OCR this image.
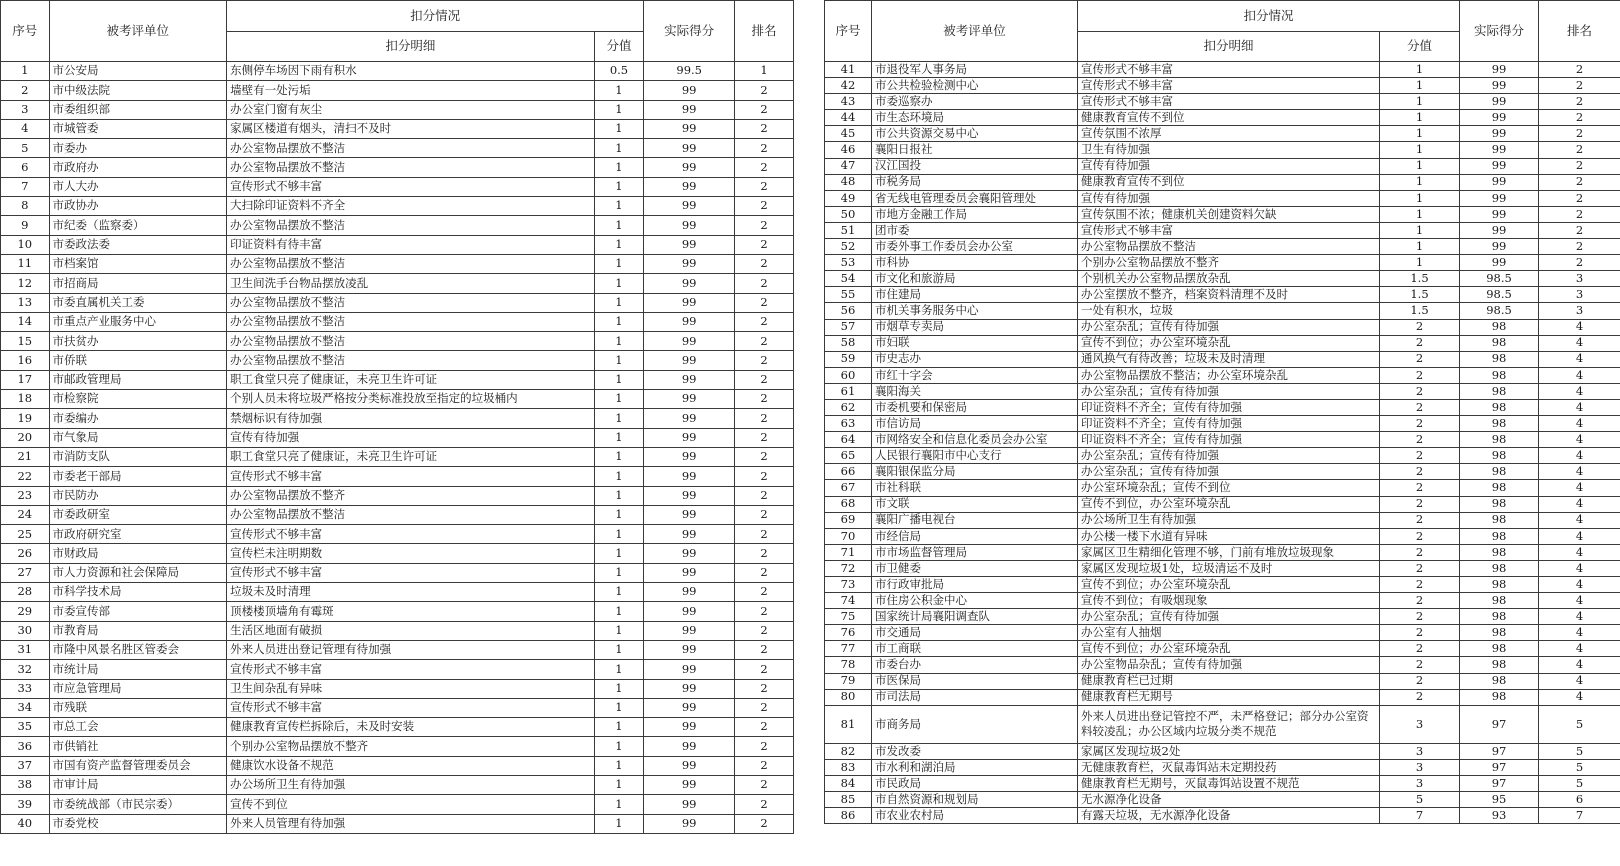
序号	被考评单位	扣分情况		实际得分	排名
		扣分明细	分值		
1	市公安局	东侧停车场因下雨有积水	0.5	99.5	1
2	市中级法院	墙壁有一处污垢	1	99	2
3	市委组织部	办公室门窗有灰尘	1	99	2
4	市城管委	家属区楼道有烟头，清扫不及时	1	99	2
5	市委办	办公室物品摆放不整洁	1	99	2
6	市政府办	办公室物品摆放不整洁	1	99	2
7	市人大办	宣传形式不够丰富	1	99	2
8	市政协办	大扫除印证资料不齐全	1	99	2
9	市纪委（监察委）	办公室物品摆放不整洁	1	99	2
10	市委政法委	印证资料有待丰富	1	99	2
11	市档案馆	办公室物品摆放不整洁	1	99	2
12	市招商局	卫生间洗手台物品摆放凌乱	1	99	2
13	市委直属机关工委	办公室物品摆放不整洁	1	99	2
14	市重点产业服务中心	办公室物品摆放不整洁	1	99	2
15	市扶贫办	办公室物品摆放不整洁	1	99	2
16	市侨联	办公室物品摆放不整洁	1	99	2
17	市邮政管理局	职工食堂只亮了健康证，未亮卫生许可证	1	99	2
18	市检察院	个别人员未将垃圾严格按分类标准投放至指定的垃圾桶内	1	99	2
19	市委编办	禁烟标识有待加强	1	99	2
20	市气象局	宣传有待加强	1	99	2
21	市消防支队	职工食堂只亮了健康证，未亮卫生许可证	1	99	2
22	市委老干部局	宣传形式不够丰富	1	99	2
23	市民防办	办公室物品摆放不整齐	1	99	2
24	市委政研室	办公室物品摆放不整洁	1	99	2
25	市政府研究室	宣传形式不够丰富	1	99	2
26	市财政局	宣传栏未注明期数	1	99	2
27	市人力资源和社会保障局	宣传形式不够丰富	1	99	2
28	市科学技术局	垃圾未及时清理	1	99	2
29	市委宣传部	顶楼楼顶墙角有霉斑	1	99	2
30	市教育局	生活区地面有破损	1	99	2
31	市隆中风景名胜区管委会	外来人员进出登记管理有待加强	1	99	2
32	市统计局	宣传形式不够丰富	1	99	2
33	市应急管理局	卫生间杂乱有异味	1	99	2
34	市残联	宣传形式不够丰富	1	99	2
35	市总工会	健康教育宣传栏拆除后，未及时安装	1	99	2
36	市供销社	个别办公室物品摆放不整齐	1	99	2
37	市国有资产监督管理委员会	健康饮水设备不规范	1	99	2
38	市审计局	办公场所卫生有待加强	1	99	2
39	市委统战部（市民宗委）	宣传不到位	1	99	2
40	市委党校	外来人员管理有待加强	1	99	2
序号	被考评单位	扣分情况		实际得分	排名
		扣分明细	分值		
41	市退役军人事务局	宣传形式不够丰富	1	99	2
42	市公共检验检测中心	宣传形式不够丰富	1	99	2
43	市委巡察办	宣传形式不够丰富	1	99	2
44	市生态环境局	健康教育宣传不到位	1	99	2
45	市公共资源交易中心	宣传氛围不浓厚	1	99	2
46	襄阳日报社	卫生有待加强	1	99	2
47	汉江国投	宣传有待加强	1	99	2
48	市税务局	健康教育宣传不到位	1	99	2
49	省无线电管理委员会襄阳管理处	宣传有待加强	1	99	2
50	市地方金融工作局	宣传氛围不浓；健康机关创建资料欠缺	1	99	2
51	团市委	宣传形式不够丰富	1	99	2
52	市委外事工作委员会办公室	办公室物品摆放不整洁	1	99	2
53	市科协	个别办公室物品摆放不整齐	1	99	2
54	市文化和旅游局	个别机关办公室物品摆放杂乱	1.5	98.5	3
55	市住建局	办公室摆放不整齐，档案资料清理不及时	1.5	98.5	3
56	市机关事务服务中心	一处有积水，垃圾	1.5	98.5	3
57	市烟草专卖局	办公室杂乱；宣传有待加强	2	98	4
58	市妇联	宣传不到位；办公室环境杂乱	2	98	4
59	市史志办	通风换气有待改善；垃圾未及时清理	2	98	4
60	市红十字会	办公室物品摆放不整洁；办公室环境杂乱	2	98	4
61	襄阳海关	办公室杂乱；宣传有待加强	2	98	4
62	市委机要和保密局	印证资料不齐全；宣传有待加强	2	98	4
63	市信访局	印证资料不齐全；宣传有待加强	2	98	4
64	市网络安全和信息化委员会办公室	印证资料不齐全；宣传有待加强	2	98	4
65	人民银行襄阳市中心支行	办公室杂乱；宣传有待加强	2	98	4
66	襄阳银保监分局	办公室杂乱；宣传有待加强	2	98	4
67	市社科联	办公室环境杂乱；宣传不到位	2	98	4
68	市文联	宣传不到位，办公室环境杂乱	2	98	4
69	襄阳广播电视台	办公场所卫生有待加强	2	98	4
70	市经信局	办公楼一楼下水道有异味	2	98	4
71	市市场监督管理局	家属区卫生精细化管理不够，门前有堆放垃圾现象	2	98	4
72	市卫健委	家属区发现垃圾1处，垃圾清运不及时	2	98	4
73	市行政审批局	宣传不到位；办公室环境杂乱	2	98	4
74	市住房公积金中心	宣传不到位；有吸烟现象	2	98	4
75	国家统计局襄阳调查队	办公室杂乱；宣传有待加强	2	98	4
76	市交通局	办公室有人抽烟	2	98	4
77	市工商联	宣传不到位；办公室环境杂乱	2	98	4
78	市委台办	办公室物品杂乱；宣传有待加强	2	98	4
79	市医保局	健康教育栏已过期	2	98	4
80	市司法局	健康教育栏无期号	2	98	4
81	市商务局	外来人员进出登记管控不严，未严格登记；部分办公室资料较凌乱；办公区域内垃圾分类不规范	3	97	5
82	市发改委	家属区发现垃圾2处	3	97	5
83	市水利和湖泊局	无健康教育栏，灭鼠毒饵站未定期投药	3	97	5
84	市民政局	健康教育栏无期号，灭鼠毒饵站设置不规范	3	97	5
85	市自然资源和规划局	无水源净化设备	5	95	6
86	市农业农村局	有露天垃圾，无水源净化设备	7	93	7
